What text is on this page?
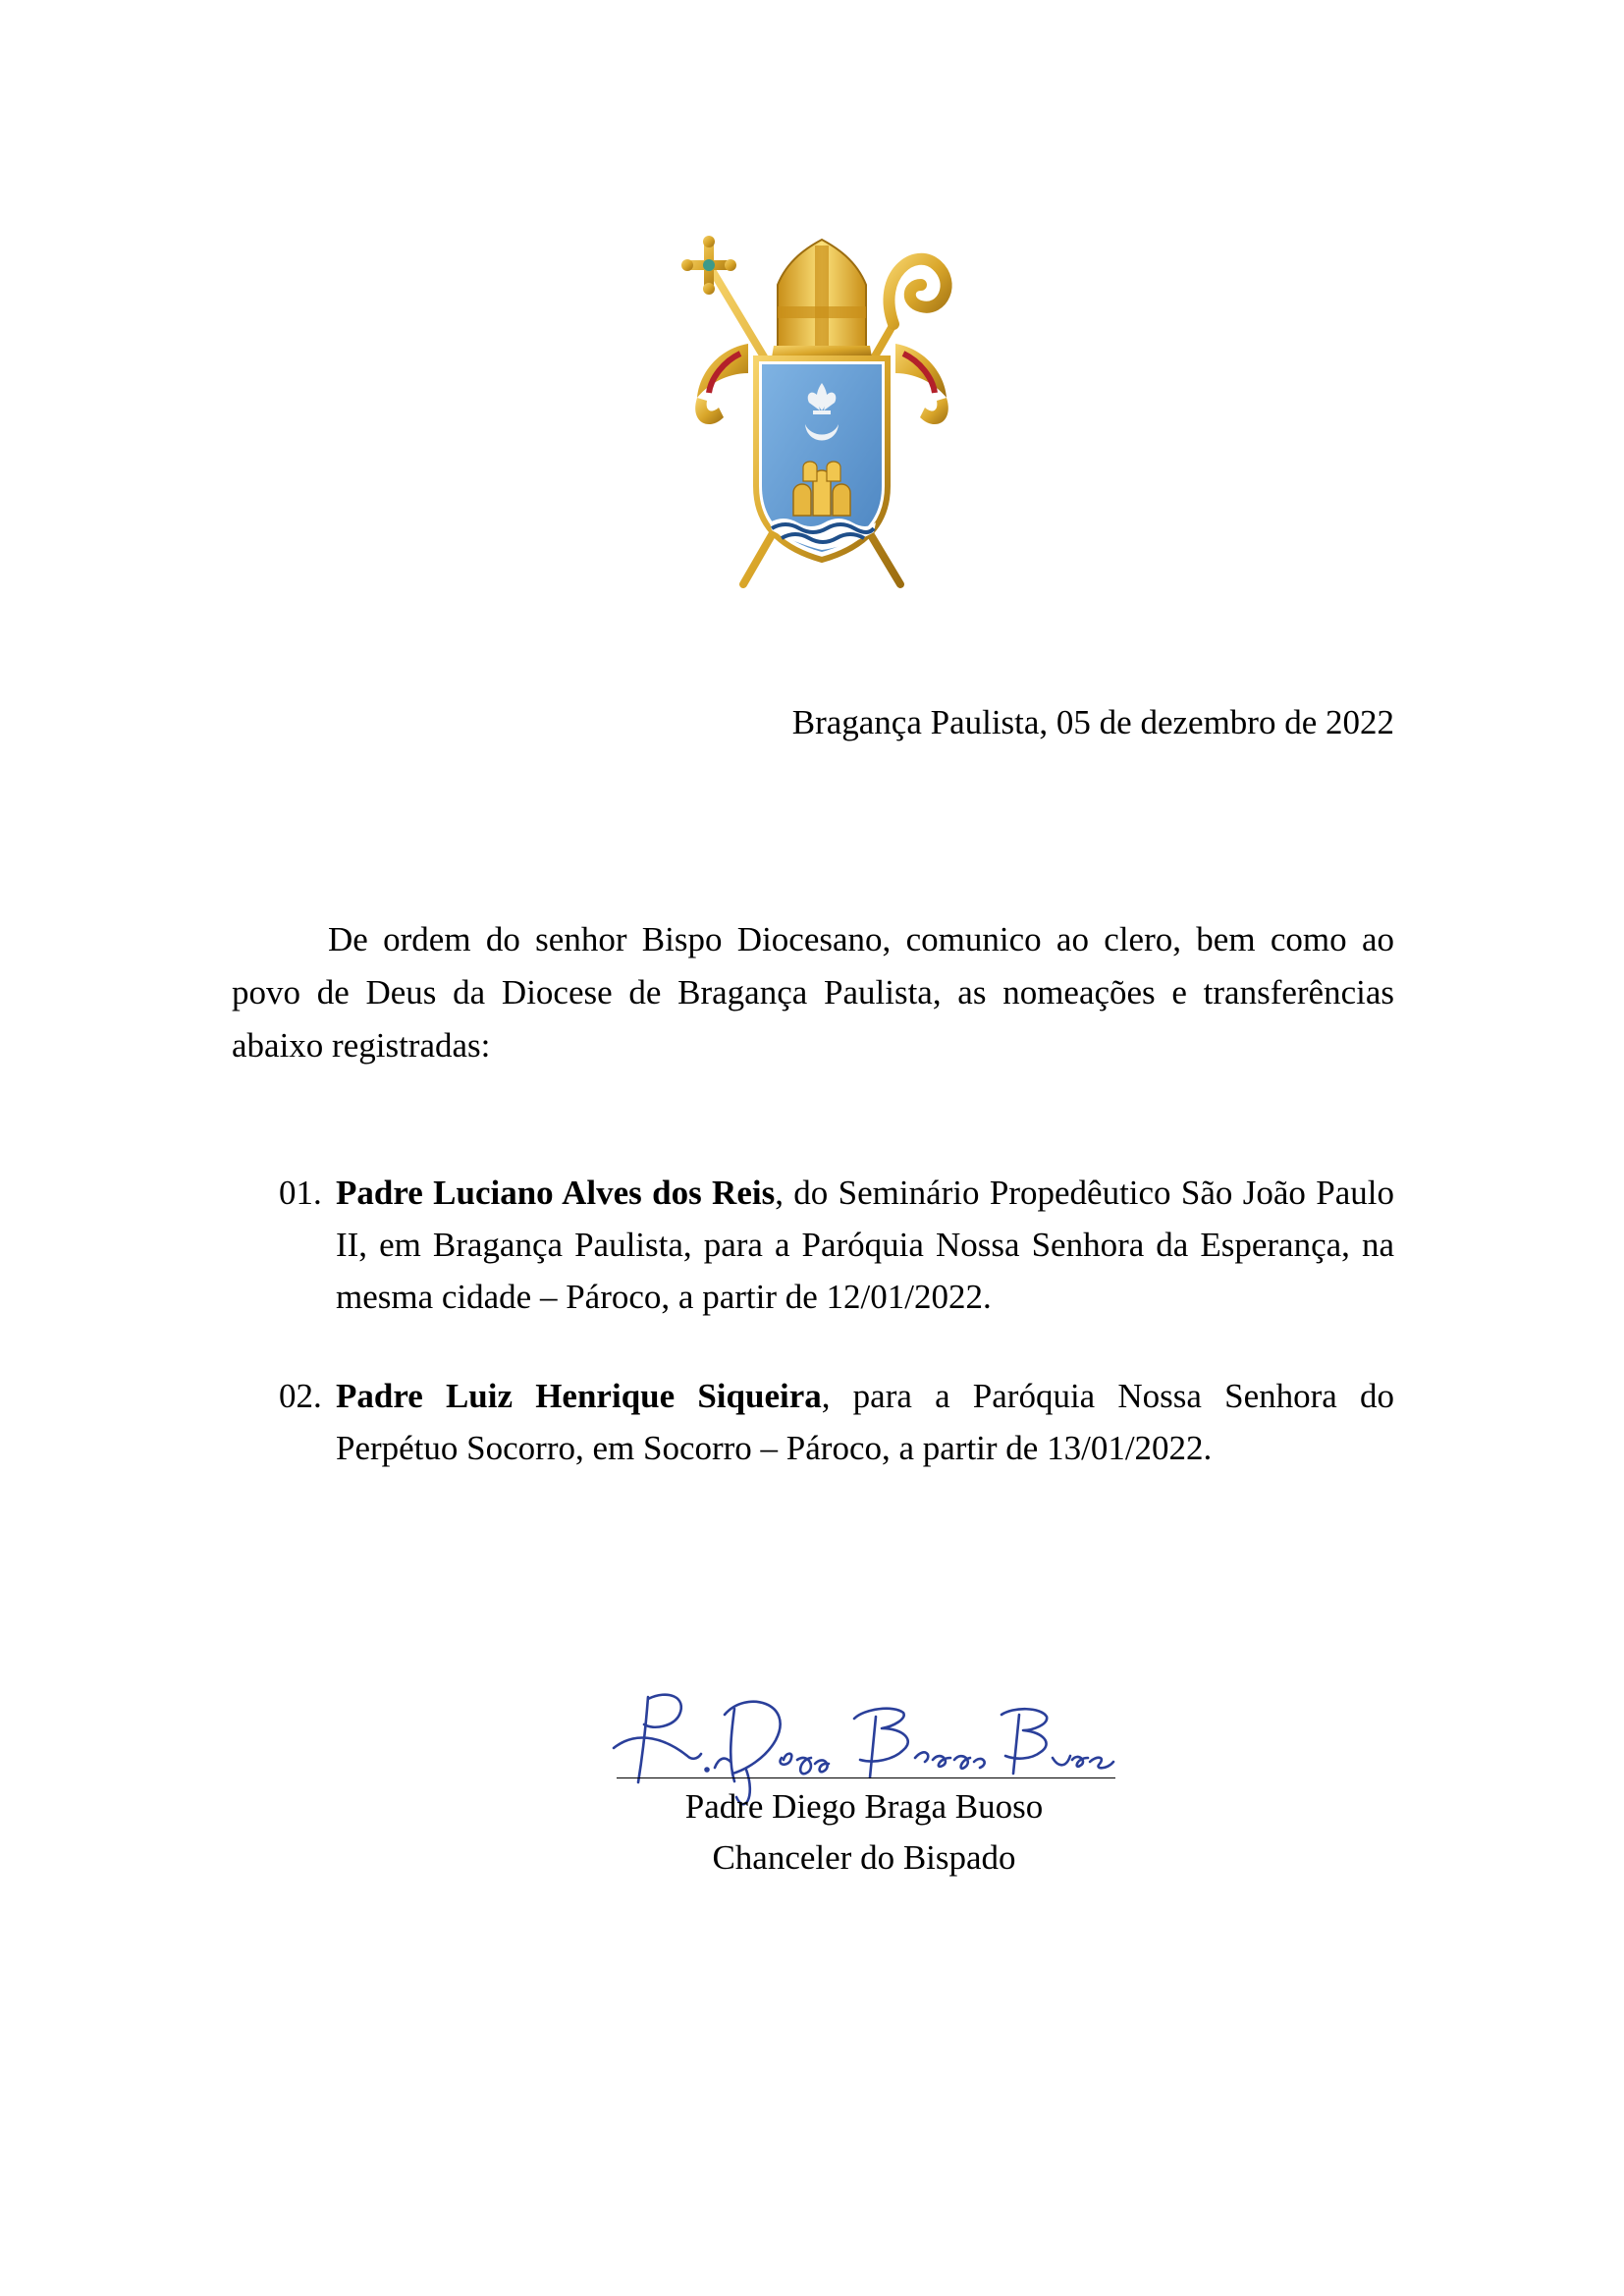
Bragança Paulista, 05 de dezembro de 2022

De ordem do senhor Bispo Diocesano, comunico ao clero, bem como ao povo de Deus da Diocese de Bragança Paulista, as nomeações e transferências abaixo registradas:

01. Padre Luciano Alves dos Reis, do Seminário Propedêutico São João Paulo II, em Bragança Paulista, para a Paróquia Nossa Senhora da Esperança, na mesma cidade – Pároco, a partir de 12/01/2022.
02. Padre Luiz Henrique Siqueira, para a Paróquia Nossa Senhora do Perpétuo Socorro, em Socorro – Pároco, a partir de 13/01/2022.
Padre Diego Braga Buoso
Chanceler do Bispado
